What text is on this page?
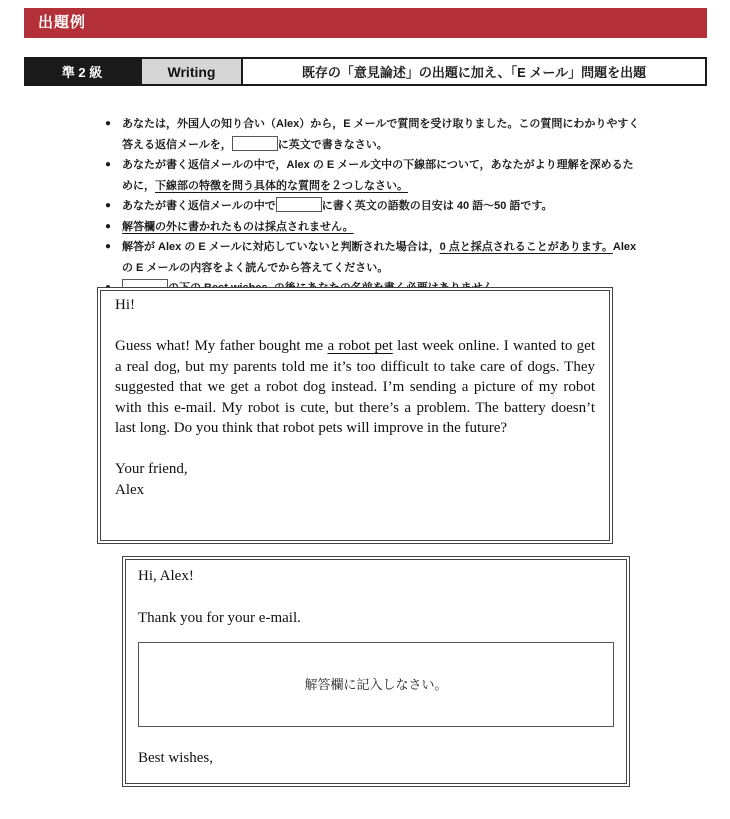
出題例
準 2 級	Writing	既存の「意見論述」の出題に加え、「E メール」問題を出題
● あなたは，外国人の知り合い（Alex）から，E メールで質問を受け取りました。この質問にわかりやすく答える返信メールを，	に英文で書きなさい。
● あなたが書く返信メールの中で，Alex の E メール文中の下線部について，あなたがより理解を深めるために，下線部の特徴を問う具体的な質問を２つしなさい。
● あなたが書く返信メールの中で	に書く英文の語数の目安は 40 語〜50 語です。
● 解答欄の外に書かれたものは採点されません。
● 解答が Alex の E メールに対応していないと判断された場合は，0 点と採点されることがあります。Alex の E メールの内容をよく読んでから答えてください。
●

Hi!

Guess what! My father bought me a robot pet last week online. I wanted to get a real dog, but my parents told me it’s too difficult to take care of dogs. They suggested that we get a robot dog instead. I’m sending a picture of my robot with this e-mail. My robot is cute, but there’s a problem. The battery doesn’t last long. Do you think that robot pets will improve in the future?

Your friend,

Alex

Hi, Alex!

Thank you for your e-mail.

解答欄に記入しなさい。

Best wishes,
